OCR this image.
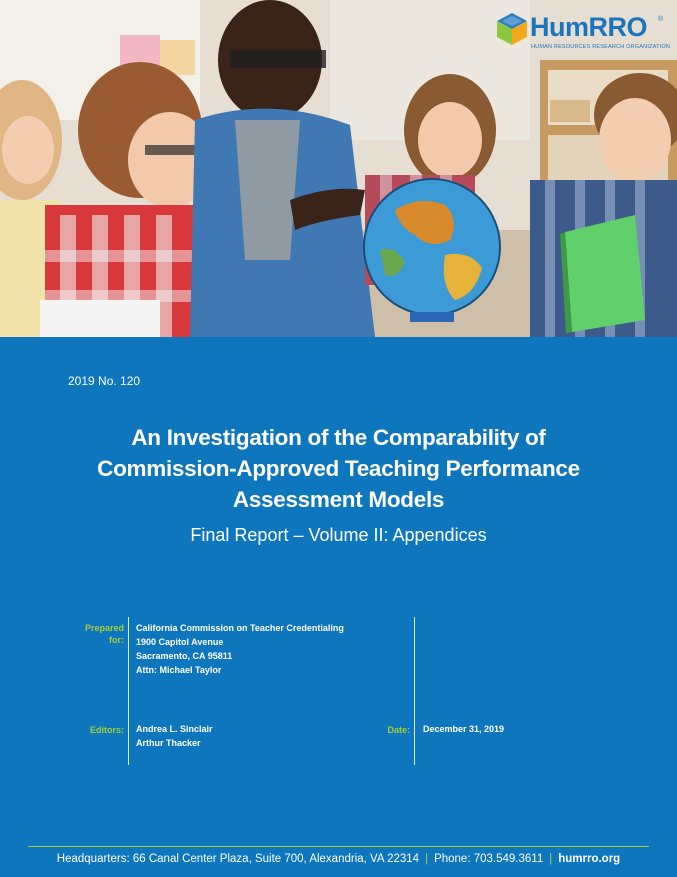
HumRRO ®
HUMAN RESOURCES RESEARCH ORGANIZATION
2019 No. 120
An Investigation of the Comparability of
Commission-Approved Teaching Performance
Assessment Models
Final Report – Volume II: Appendices
Prepared
for:
California Commission on Teacher Credentialing
1900 Capitol Avenue
Sacramento, CA 95811
Attn: Michael Taylor
Editors: Andrea L. Sinclair
Arthur Thacker
Date: December 31, 2019
Headquarters: 66 Canal Center Plaza, Suite 700, Alexandria, VA 22314 | Phone: 703.549.3611 | humrro.org
